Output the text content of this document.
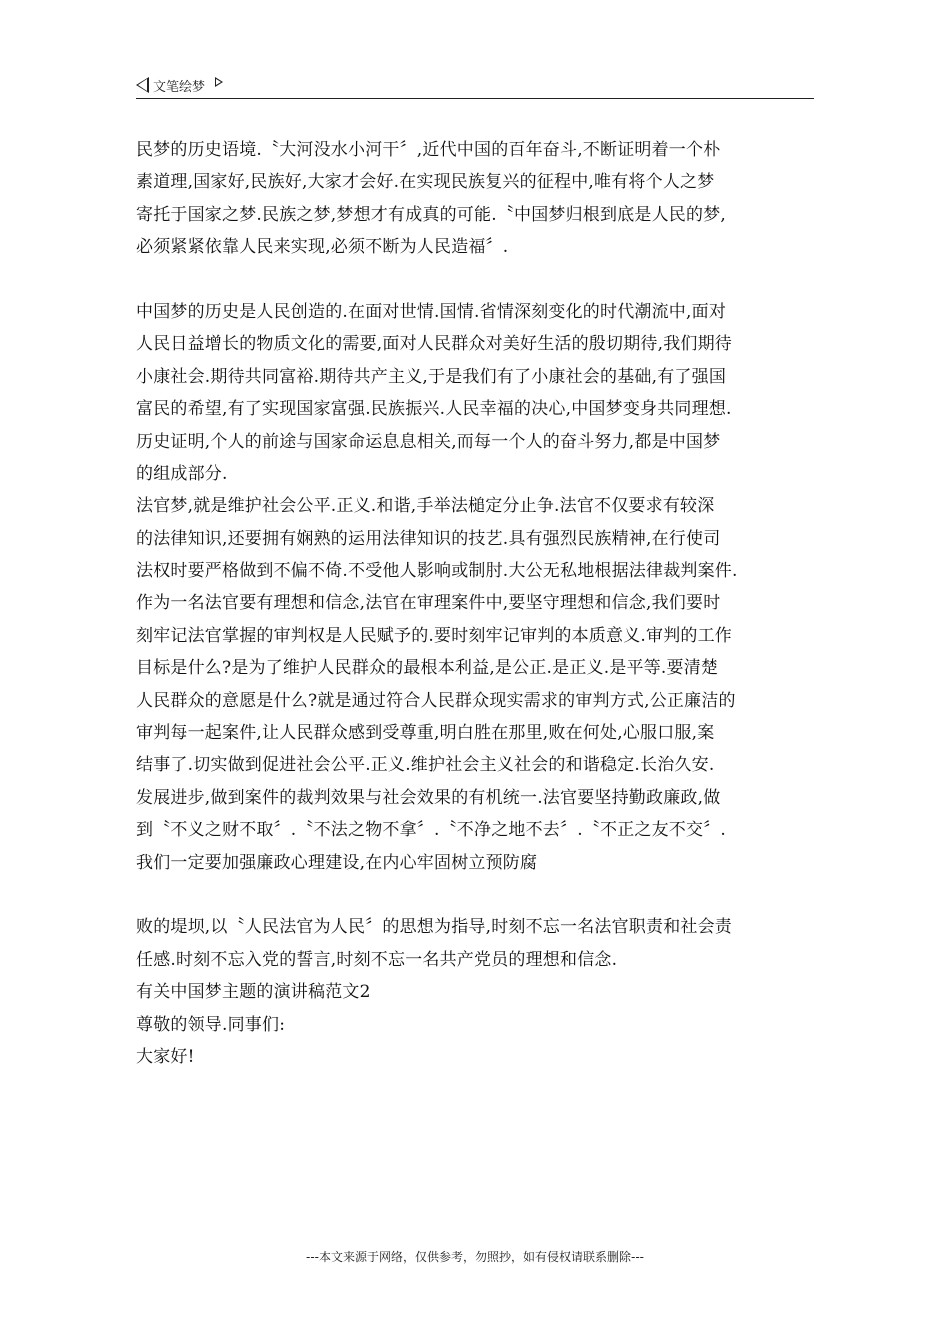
文笔绘梦
民梦的历史语境.〝大河没水小河干〞,近代中国的百年奋斗,不断证明着一个朴
素道理,国家好,民族好,大家才会好.在实现民族复兴的征程中,唯有将个人之梦
寄托于国家之梦.民族之梦,梦想才有成真的可能.〝中国梦归根到底是人民的梦,
必须紧紧依靠人民来实现,必须不断为人民造福〞.
中国梦的历史是人民创造的.在面对世情.国情.省情深刻变化的时代潮流中,面对
人民日益增长的物质文化的需要,面对人民群众对美好生活的殷切期待,我们期待
小康社会.期待共同富裕.期待共产主义,于是我们有了小康社会的基础,有了强国
富民的希望,有了实现国家富强.民族振兴.人民幸福的决心,中国梦变身共同理想.
历史证明,个人的前途与国家命运息息相关,而每一个人的奋斗努力,都是中国梦
的组成部分.
法官梦,就是维护社会公平.正义.和谐,手举法槌定分止争.法官不仅要求有较深
的法律知识,还要拥有娴熟的运用法律知识的技艺.具有强烈民族精神,在行使司
法权时要严格做到不偏不倚.不受他人影响或制肘.大公无私地根据法律裁判案件.
作为一名法官要有理想和信念,法官在审理案件中,要坚守理想和信念,我们要时
刻牢记法官掌握的审判权是人民赋予的.要时刻牢记审判的本质意义.审判的工作
目标是什么?是为了维护人民群众的最根本利益,是公正.是正义.是平等.要清楚
人民群众的意愿是什么?就是通过符合人民群众现实需求的审判方式,公正廉洁的
审判每一起案件,让人民群众感到受尊重,明白胜在那里,败在何处,心服口服,案
结事了.切实做到促进社会公平.正义.维护社会主义社会的和谐稳定.长治久安.
发展进步,做到案件的裁判效果与社会效果的有机统一.法官要坚持勤政廉政,做
到〝不义之财不取〞.〝不法之物不拿〞.〝不净之地不去〞.〝不正之友不交〞.
我们一定要加强廉政心理建设,在内心牢固树立预防腐
败的堤坝,以〝人民法官为人民〞的思想为指导,时刻不忘一名法官职责和社会责
任感.时刻不忘入党的誓言,时刻不忘一名共产党员的理想和信念.
有关中国梦主题的演讲稿范文2
尊敬的领导.同事们:
大家好!
---本文来源于网络，仅供参考，勿照抄，如有侵权请联系删除---
